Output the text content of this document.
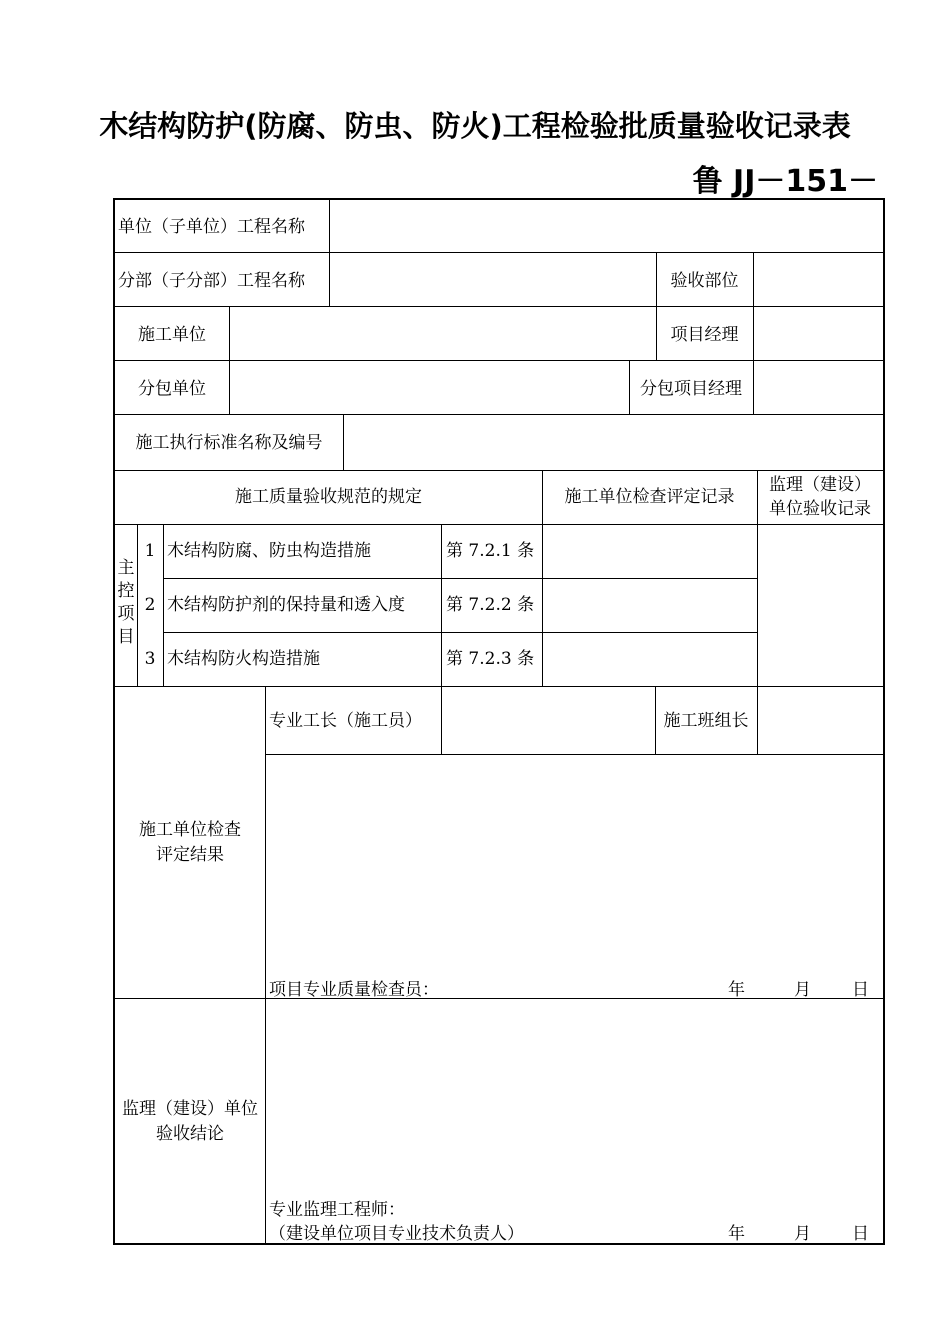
木结构防护(防腐、防虫、防火)工程检验批质量验收记录表
鲁 JJ－151－
单位（子单位）工程名称
分部（子分部）工程名称	验收部位
施工单位	项目经理
分包单位	分包项目经理
施工执行标准名称及编号
施工质量验收规范的规定	施工单位检查评定记录
监理（建设）
单位验收记录
主
控
项
目
1 木结构防腐、防虫构造措施	第 7.2.1 条
2 木结构防护剂的保持量和透入度 第 7.2.2 条
3 木结构防火构造措施	第 7.2.3 条
施工单位检查
评定结果
专业工长（施工员）	施工班组长
项目专业质量检查员：	年	月 日
监理（建设）单位
验收结论
专业监理工程师：
（建设单位项目专业技术负责人）	年	月 日
